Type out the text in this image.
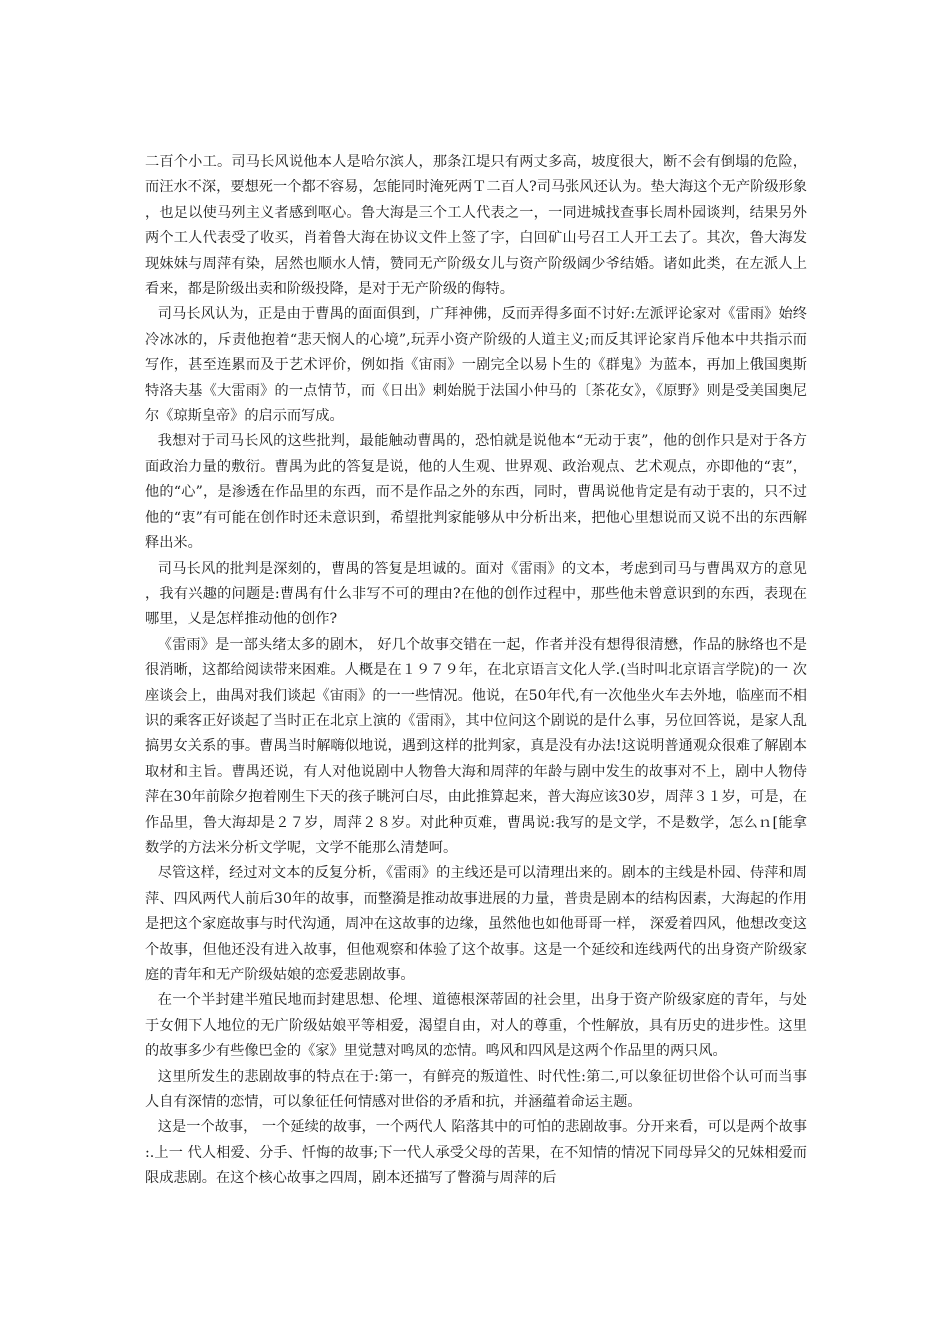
二百个小工。司马长风说他本人是哈尔滨人，那条江堤只有两丈多高，坡度很大，断不会有倒塌的危险，而汪水不深，要想死一个都不容易，怎能同时淹死两Ｔ二百人?司马张风还认为。垫大海这个无产阶级形象，也足以使马列主义者感到呕心。鲁大海是三个工人代表之一，一同进城找查事长周朴园谈判，结果另外两个工人代表受了收买，肖着鲁大海在协议文件上签了字，白回矿山号召工人开工去了。其次，鲁大海发现妹妹与周萍有染，居然也顺水人情，赞同无产阶级女儿与资产阶级阔少爷结婚。诸如此类，在左派人上看来，都是阶级出卖和阶级投降，是对于无产阶级的侮特。

司马长风认为，正是由于曹禺的面面俱到，广拜神佛，反而弄得多面不讨好:左派评论家对《雷雨》始终冷冰冰的，斥责他抱着“悲天悯人的心境”,玩弄小资产阶级的人道主义;而反其评论家肖斥他本中共指示而写作，甚至连累而及于艺术评价，例如指《宙雨》一剧完全以易卜生的《群鬼》为蓝本，再加上俄国奥斯特洛夫基《大雷雨》的一点情节，而《日出》剌始脱于法国小仲马的〔茶花女》，《原野》则是受美国奥尼尔《琼斯皇帝》的启示而写成。

我想对于司马长风的这些批判，最能触动曹禺的，恐怕就是说他本“无动于衷”，他的创作只是对于各方面政治力量的敷衍。曹禺为此的答复是说，他的人生观、世界观、政治观点、艺术观点，亦即他的“衷”，他的“心”，是渗透在作品里的东西，而不是作品之外的东西，同时，曹禺说他肯定是有动于衷的，只不过他的“衷”有可能在创作时还未意识到，希望批判家能够从中分析出来，把他心里想说而又说不出的东西解释出米。

司马长风的批判是深刻的，曹禺的答复是坦诚的。面对《雷雨》的文本，考虑到司马与曹禺双方的意见，我有兴趣的问题是:曹禺有什么非写不可的理由?在他的创作过程中，那些他未曾意识到的东西，表现在哪里，乂是怎样推动他的创作?

《雷雨》是一部头绪太多的剧木， 好几个故事交错在一起，作者并没有想得很清懋，作品的脉络也不是很消晰，这都给阅读带来困难。人概是在１９７９年，在北京语言文化人学.(当时叫北京语言学院)的一 次座谈会上，曲禺对我们谈起《宙雨》的一一些情况。他说，在50年代,有一次他坐火车去外地，临座而不相识的乘客正好谈起了当时正在北京上演的《雷雨》，其中位问这个剧说的是什么事，另位回答说，是家人乱搞男女关系的事。曹禺当时解嗨似地说，遇到这样的批判家，真是没有办法!这说明普通观众很难了解剧本取材和主旨。曹禺还说，有人对他说剧中人物鲁大海和周萍的年龄与剧中发生的故事对不上，剧中人物侍萍在30年前除夕抱着刚生下天的孩子眺河白尽，由此推算起来，普大海应该30岁，周萍３１岁，可是，在作品里，鲁大海却是２７岁，周萍２８岁。对此种页难，曹禺说:我写的是文学，不是数学，怎么ｎ[能拿数学的方法米分析文学呢，文学不能那么清楚呵。

尽管这样，经过对文本的反复分析，《雷雨》的主线还是可以清理出来的。剧本的主线是朴园、侍萍和周萍、四风两代人前后30年的故事，而整漪是推动故事进展的力量，普贵是剧本的结构因素，大海起的作用是把这个家庭故事与时代沟通，周冲在这故事的边缘，虽然他也如他哥哥一样， 深爱着四风，他想改变这个故事，但他还没有进入故事，但他观察和体验了这个故事。这是一个延绞和连线两代的出身资产阶级家庭的青年和无产阶级姑娘的恋爱悲剧故事。

在一个半封建半殖民地而封建思想、伦埋、道德根深蒂固的社会里，出身于资产阶级家庭的青年，与处于女佣下人地位的无广阶级姑娘平等相爱，渴望自由，对人的尊重，个性解放，具有历史的进步性。这里的故事多少有些像巴金的《家》里觉慧对鸣凤的恋情。鸣风和四风是这两个作品里的两只风。

这里所发生的悲剧故事的特点在于:第一，有鲜亮的叛道性、时代性:第二,可以象征切世俗个认可而当事人自有深情的恋情，可以象征任何情感对世俗的矛盾和抗，并涵蕴着命运主题。

这是一个故事， 一个延续的故事，一个两代人 陷落其中的可怕的悲剧故事。分开来看，可以是两个故事:.上一 代人相爱、分手、忏悔的故事;下一代人承受父母的苦果，在不知情的情况下同母异父的兄妹相爱而限成悲剧。在这个核心故事之四周，剧本还描写了瞥漪与周萍的后
